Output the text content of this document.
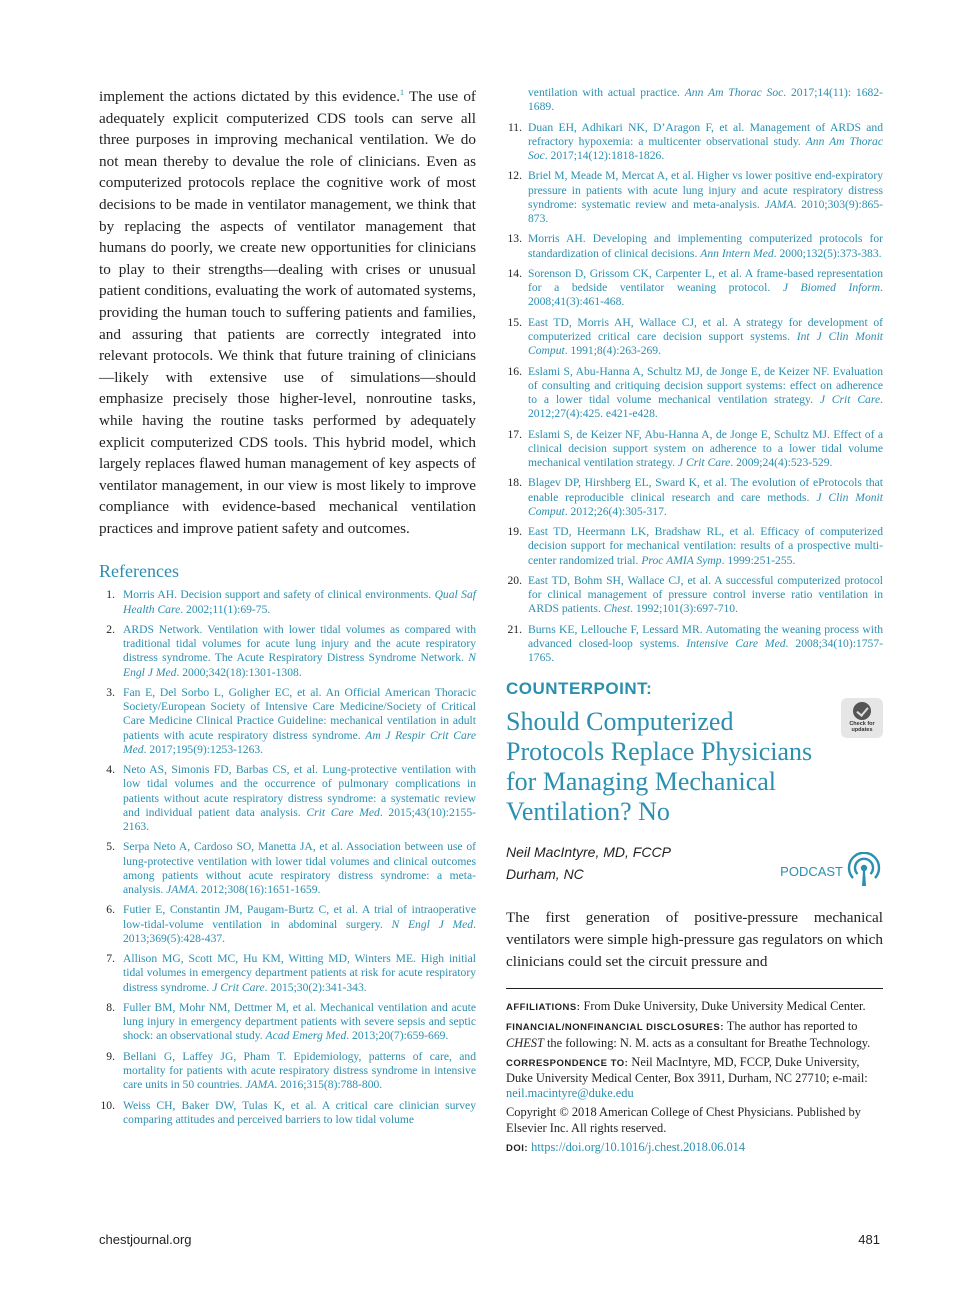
implement the actions dictated by this evidence.$^1$ The use of adequately explicit computerized CDS tools can serve all three purposes in improving mechanical ventilation. We do not mean thereby to devalue the role of clinicians. Even as computerized protocols replace the cognitive work of most decisions to be made in ventilator management, we think that by replacing the aspects of ventilator management that humans do poorly, we create new opportunities for clinicians to play to their strengths—dealing with crises or unusual patient conditions, evaluating the work of automated systems, providing the human touch to suffering patients and families, and assuring that patients are correctly integrated into relevant protocols. We think that future training of clinicians—likely with extensive use of simulations—should emphasize precisely those higher-level, nonroutine tasks, while having the routine tasks performed by adequately explicit computerized CDS tools. This hybrid model, which largely replaces flawed human management of key aspects of ventilator management, in our view is most likely to improve compliance with evidence-based mechanical ventilation practices and improve patient safety and outcomes.

References
1. Morris AH. Decision support and safety of clinical environments. Qual Saf Health Care. 2002;11(1):69-75.
2. ARDS Network. Ventilation with lower tidal volumes as compared with traditional tidal volumes for acute lung injury and the acute respiratory distress syndrome. The Acute Respiratory Distress Syndrome Network. N Engl J Med. 2000;342(18):1301-1308.
3. Fan E, Del Sorbo L, Goligher EC, et al. An Official American Thoracic Society/European Society of Intensive Care Medicine/Society of Critical Care Medicine Clinical Practice Guideline: mechanical ventilation in adult patients with acute respiratory distress syndrome. Am J Respir Crit Care Med. 2017;195(9):1253-1263.
4. Neto AS, Simonis FD, Barbas CS, et al. Lung-protective ventilation with low tidal volumes and the occurrence of pulmonary complications in patients without acute respiratory distress syndrome: a systematic review and individual patient data analysis. Crit Care Med. 2015;43(10):2155-2163.
5. Serpa Neto A, Cardoso SO, Manetta JA, et al. Association between use of lung-protective ventilation with lower tidal volumes and clinical outcomes among patients without acute respiratory distress syndrome: a meta-analysis. JAMA. 2012;308(16):1651-1659.
6. Futier E, Constantin JM, Paugam-Burtz C, et al. A trial of intraoperative low-tidal-volume ventilation in abdominal surgery. N Engl J Med. 2013;369(5):428-437.
7. Allison MG, Scott MC, Hu KM, Witting MD, Winters ME. High initial tidal volumes in emergency department patients at risk for acute respiratory distress syndrome. J Crit Care. 2015;30(2):341-343.
8. Fuller BM, Mohr NM, Dettmer M, et al. Mechanical ventilation and acute lung injury in emergency department patients with severe sepsis and septic shock: an observational study. Acad Emerg Med. 2013;20(7):659-669.
9. Bellani G, Laffey JG, Pham T. Epidemiology, patterns of care, and mortality for patients with acute respiratory distress syndrome in intensive care units in 50 countries. JAMA. 2016;315(8):788-800.
10. Weiss CH, Baker DW, Tulas K, et al. A critical care clinician survey comparing attitudes and perceived barriers to low tidal volume
ventilation with actual practice. Ann Am Thorac Soc. 2017;14(11): 1682-1689.
11. Duan EH, Adhikari NK, D’Aragon F, et al. Management of ARDS and refractory hypoxemia: a multicenter observational study. Ann Am Thorac Soc. 2017;14(12):1818-1826.
12. Briel M, Meade M, Mercat A, et al. Higher vs lower positive end-expiratory pressure in patients with acute lung injury and acute respiratory distress syndrome: systematic review and meta-analysis. JAMA. 2010;303(9):865-873.
13. Morris AH. Developing and implementing computerized protocols for standardization of clinical decisions. Ann Intern Med. 2000;132(5):373-383.
14. Sorenson D, Grissom CK, Carpenter L, et al. A frame-based representation for a bedside ventilator weaning protocol. J Biomed Inform. 2008;41(3):461-468.
15. East TD, Morris AH, Wallace CJ, et al. A strategy for development of computerized critical care decision support systems. Int J Clin Monit Comput. 1991;8(4):263-269.
16. Eslami S, Abu-Hanna A, Schultz MJ, de Jonge E, de Keizer NF. Evaluation of consulting and critiquing decision support systems: effect on adherence to a lower tidal volume mechanical ventilation strategy. J Crit Care. 2012;27(4):425. e421-e428.
17. Eslami S, de Keizer NF, Abu-Hanna A, de Jonge E, Schultz MJ. Effect of a clinical decision support system on adherence to a lower tidal volume mechanical ventilation strategy. J Crit Care. 2009;24(4):523-529.
18. Blagev DP, Hirshberg EL, Sward K, et al. The evolution of eProtocols that enable reproducible clinical research and care methods. J Clin Monit Comput. 2012;26(4):305-317.
19. East TD, Heermann LK, Bradshaw RL, et al. Efficacy of computerized decision support for mechanical ventilation: results of a prospective multi-center randomized trial. Proc AMIA Symp. 1999:251-255.
20. East TD, Bohm SH, Wallace CJ, et al. A successful computerized protocol for clinical management of pressure control inverse ratio ventilation in ARDS patients. Chest. 1992;101(3):697-710.
21. Burns KE, Lellouche F, Lessard MR. Automating the weaning process with advanced closed-loop systems. Intensive Care Med. 2008;34(10):1757-1765.
COUNTERPOINT:
Should Computerized Protocols Replace Physicians for Managing Mechanical Ventilation? No
Check for
updates
Neil MacIntyre, MD, FCCP
Durham, NC	PODCAST

The first generation of positive-pressure mechanical ventilators were simple high-pressure gas regulators on which clinicians could set the circuit pressure and

AFFILIATIONS: From Duke University, Duke University Medical Center.

FINANCIAL/NONFINANCIAL DISCLOSURES: The author has reported to CHEST the following: N. M. acts as a consultant for Breathe Technology.

CORRESPONDENCE TO: Neil MacIntyre, MD, FCCP, Duke University, Duke University Medical Center, Box 3911, Durham, NC 27710; e-mail: neil.macintyre@duke.edu

Copyright © 2018 American College of Chest Physicians. Published by Elsevier Inc. All rights reserved.

DOI: https://doi.org/10.1016/j.chest.2018.06.014

chestjournal.org	481
